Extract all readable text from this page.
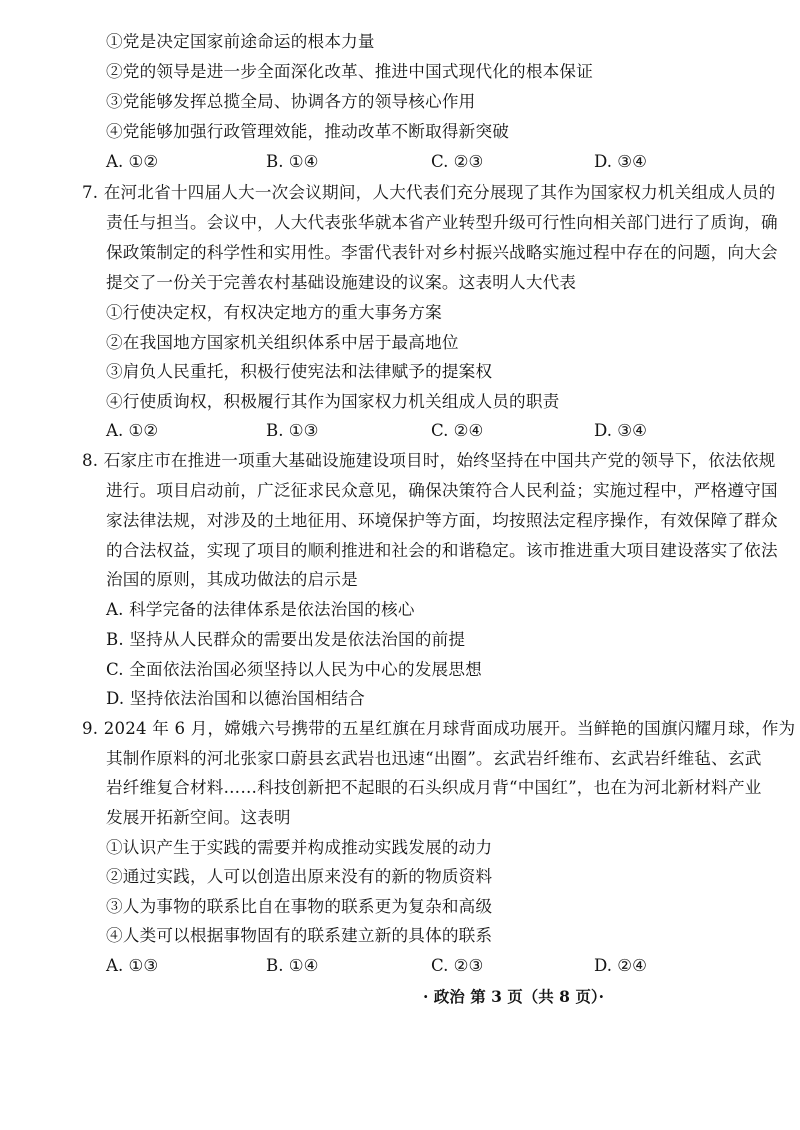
①党是决定国家前途命运的根本力量
②党的领导是进一步全面深化改革、推进中国式现代化的根本保证
③党能够发挥总揽全局、协调各方的领导核心作用
④党能够加强行政管理效能，推动改革不断取得新突破
A. ①②	B. ①④	C. ②③	D. ③④
7. 在河北省十四届人大一次会议期间，人大代表们充分展现了其作为国家权力机关组成人员的
责任与担当。会议中，人大代表张华就本省产业转型升级可行性向相关部门进行了质询，确
保政策制定的科学性和实用性。李雷代表针对乡村振兴战略实施过程中存在的问题，向大会
提交了一份关于完善农村基础设施建设的议案。这表明人大代表
①行使决定权，有权决定地方的重大事务方案
②在我国地方国家机关组织体系中居于最高地位
③肩负人民重托，积极行使宪法和法律赋予的提案权
④行使质询权，积极履行其作为国家权力机关组成人员的职责
A. ①②	B. ①③	C. ②④	D. ③④
8. 石家庄市在推进一项重大基础设施建设项目时，始终坚持在中国共产党的领导下，依法依规
进行。项目启动前，广泛征求民众意见，确保决策符合人民利益；实施过程中，严格遵守国
家法律法规，对涉及的土地征用、环境保护等方面，均按照法定程序操作，有效保障了群众
的合法权益，实现了项目的顺利推进和社会的和谐稳定。该市推进重大项目建设落实了依法
治国的原则，其成功做法的启示是
A. 科学完备的法律体系是依法治国的核心
B. 坚持从人民群众的需要出发是依法治国的前提
C. 全面依法治国必须坚持以人民为中心的发展思想
D. 坚持依法治国和以德治国相结合
9. 2024 年 6 月，嫦娥六号携带的五星红旗在月球背面成功展开。当鲜艳的国旗闪耀月球，作为
其制作原料的河北张家口蔚县玄武岩也迅速“出圈”。玄武岩纤维布、玄武岩纤维毡、玄武
岩纤维复合材料……科技创新把不起眼的石头织成月背“中国红”，也在为河北新材料产业
发展开拓新空间。这表明
①认识产生于实践的需要并构成推动实践发展的动力
②通过实践，人可以创造出原来没有的新的物质资料
③人为事物的联系比自在事物的联系更为复杂和高级
④人类可以根据事物固有的联系建立新的具体的联系
A. ①③	B. ①④	C. ②③	D. ②④
· 政治 第 3 页（共 8 页）·
